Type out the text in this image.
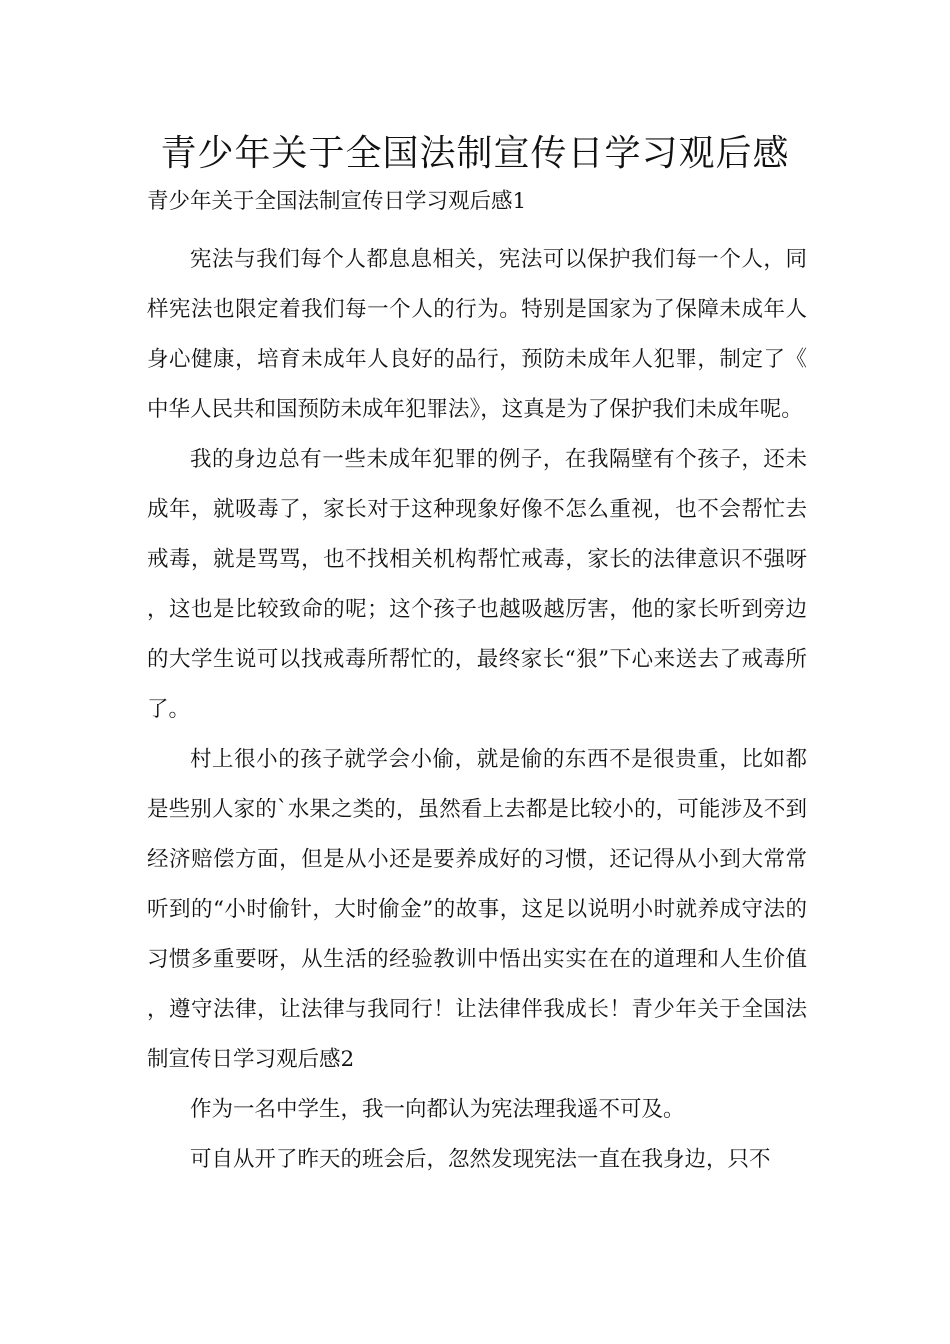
青少年关于全国法制宣传日学习观后感

青少年关于全国法制宣传日学习观后感1

宪法与我们每个人都息息相关，宪法可以保护我们每一个人，同样宪法也限定着我们每一个人的行为。特别是国家为了保障未成年人身心健康，培育未成年人良好的品行，预防未成年人犯罪，制定了《中华人民共和国预防未成年犯罪法》，这真是为了保护我们未成年呢。

我的身边总有一些未成年犯罪的例子，在我隔壁有个孩子，还未成年，就吸毒了，家长对于这种现象好像不怎么重视，也不会帮忙去戒毒，就是骂骂，也不找相关机构帮忙戒毒，家长的法律意识不强呀，这也是比较致命的呢；这个孩子也越吸越厉害，他的家长听到旁边的大学生说可以找戒毒所帮忙的，最终家长“狠”下心来送去了戒毒所了。

村上很小的孩子就学会小偷，就是偷的东西不是很贵重，比如都是些别人家的`水果之类的，虽然看上去都是比较小的，可能涉及不到经济赔偿方面，但是从小还是要养成好的习惯，还记得从小到大常常听到的“小时偷针，大时偷金”的故事，这足以说明小时就养成守法的习惯多重要呀，从生活的经验教训中悟出实实在在的道理和人生价值，遵守法律，让法律与我同行！让法律伴我成长！青少年关于全国法制宣传日学习观后感2

作为一名中学生，我一向都认为宪法理我遥不可及。

可自从开了昨天的班会后，忽然发现宪法一直在我身边，只不
